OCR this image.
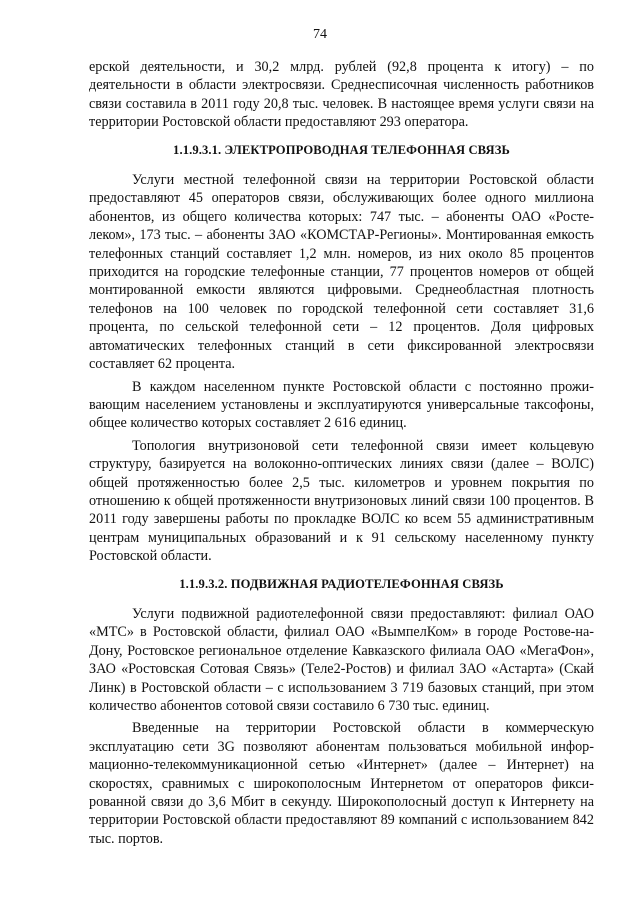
74

ерской деятельности, и 30,2 млрд. рублей (92,8 процента к итогу) – по деятельности в области электросвязи. Среднесписочная численность работников связи составила в 2011 году 20,8 тыс. человек. В настоящее время услуги связи на территории Ростовской области предоставляют 293 оператора.

1.1.9.3.1. ЭЛЕКТРОПРОВОДНАЯ ТЕЛЕФОННАЯ СВЯЗЬ

Услуги местной телефонной связи на территории Ростовской области предоставляют 45 операторов связи, обслуживающих более одного миллиона абонентов, из общего количества которых: 747 тыс. – абоненты ОАО «Ростелеком», 173 тыс. – абоненты ЗАО «КОМСТАР-Регионы». Монтированная емкость телефонных станций составляет 1,2 млн. номеров, из них около 85 процентов приходится на городские телефонные станции, 77 процентов номеров от общей монтированной емкости являются цифровыми. Среднеобластная плотность телефонов на 100 человек по городской телефонной сети составляет 31,6 процента, по сельской телефонной сети – 12 процентов. Доля цифровых автоматических телефонных станций в сети фиксированной электросвязи составляет 62 процента.

В каждом населенном пункте Ростовской области с постоянно проживающим населением установлены и эксплуатируются универсальные таксофоны, общее количество которых составляет 2 616 единиц.

Топология внутризоновой сети телефонной связи имеет кольцевую структуру, базируется на волоконно-оптических линиях связи (далее – ВОЛС) общей протяженностью более 2,5 тыс. километров и уровнем покрытия по отношению к общей протяженности внутризоновых линий связи 100 процентов. В 2011 году завершены работы по прокладке ВОЛС ко всем 55 административным центрам муниципальных образований и к 91 сельскому населенному пункту Ростовской области.

1.1.9.3.2. ПОДВИЖНАЯ РАДИОТЕЛЕФОННАЯ СВЯЗЬ

Услуги подвижной радиотелефонной связи предоставляют: филиал ОАО «МТС» в Ростовской области, филиал ОАО «ВымпелКом» в городе Ростове-на-Дону, Ростовское региональное отделение Кавказского филиала ОАО «МегаФон», ЗАО «Ростовская Сотовая Связь» (Теле2-Ростов) и филиал ЗАО «Астарта» (Скай Линк) в Ростовской области – с использованием 3 719 базовых станций, при этом количество абонентов сотовой связи составило 6 730 тыс. единиц.

Введенные на территории Ростовской области в коммерческую эксплуатацию сети 3G позволяют абонентам пользоваться мобильной информационно-телекоммуникационной сетью «Интернет» (далее – Интернет) на скоростях, сравнимых с широкополосным Интернетом от операторов фиксированной связи до 3,6 Мбит в секунду. Широкополосный доступ к Интернету на территории Ростовской области предоставляют 89 компаний с использованием 842 тыс. портов.
